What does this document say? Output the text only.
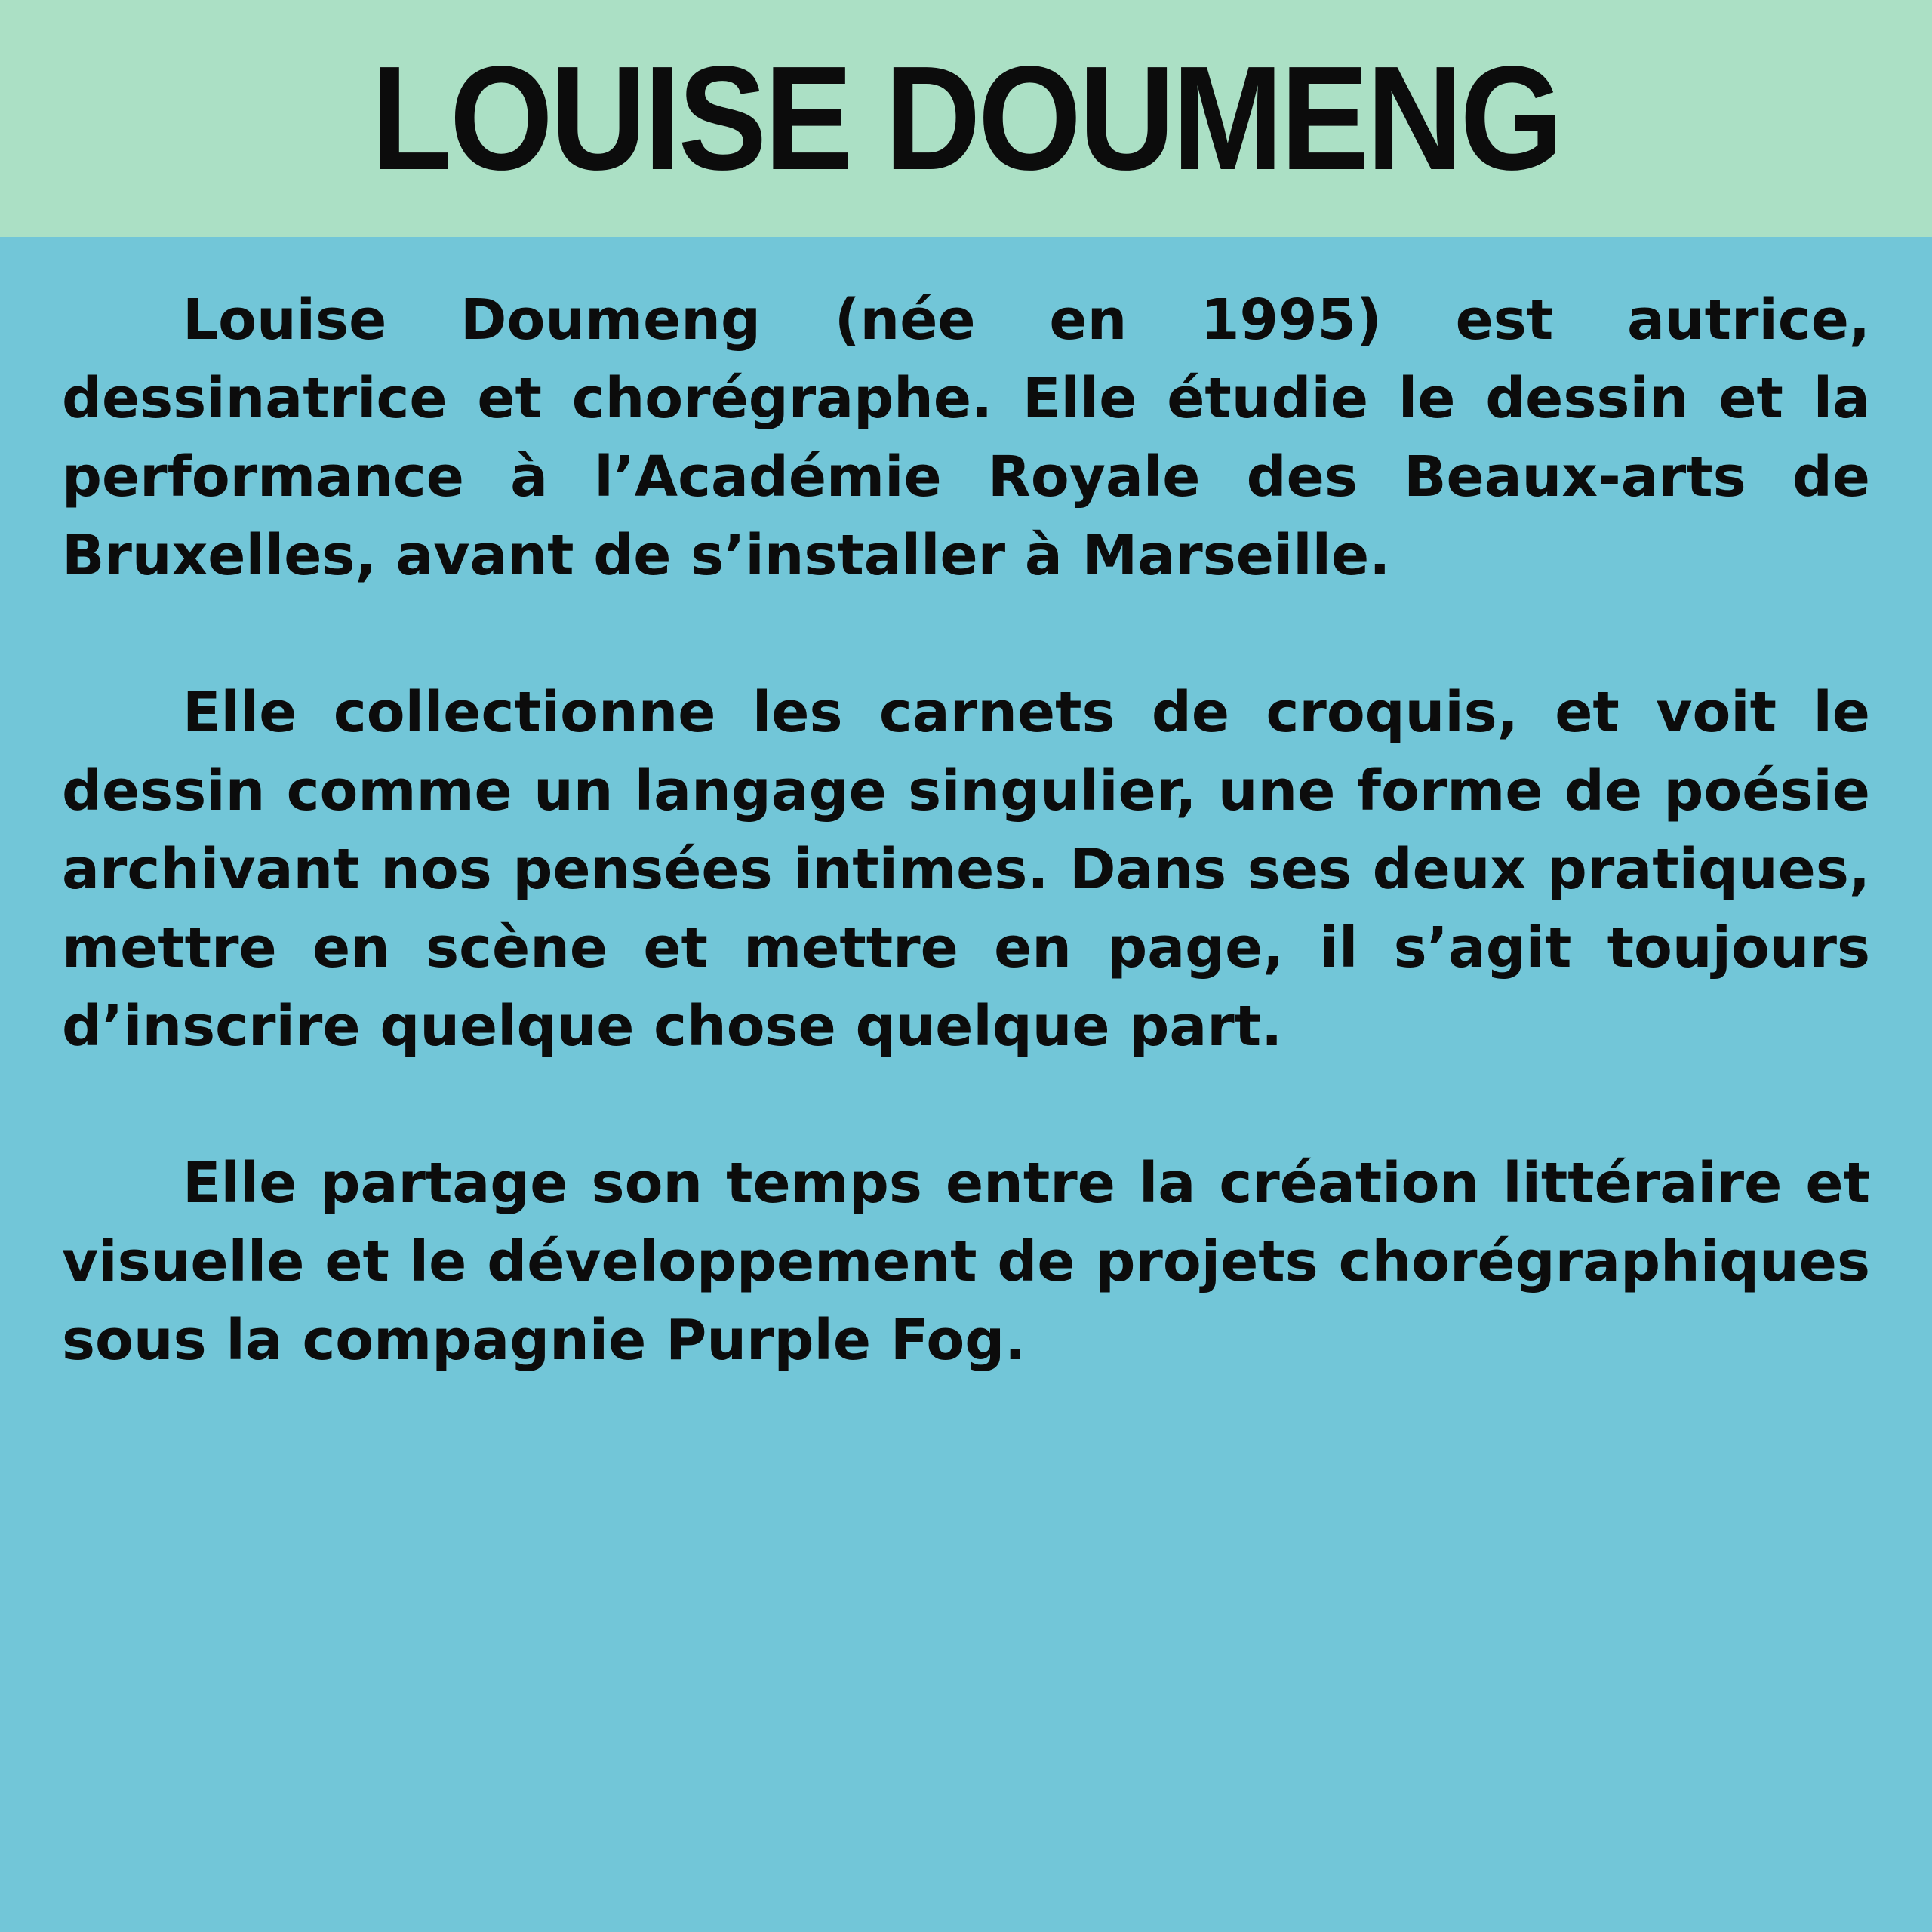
LOUISE DOUMENG

Louise Doumeng (née en 1995) est autrice, dessinatrice et chorégraphe. Elle étudie le dessin et la performance à l’Académie Royale des Beaux-arts de Bruxelles, avant de s’installer à Marseille.

Elle collectionne les carnets de croquis, et voit le dessin comme un langage singulier, une forme de poésie archivant nos pensées intimes. Dans ses deux pratiques, mettre en scène et mettre en page, il s’agit toujours d’inscrire quelque chose quelque part.

Elle partage son temps entre la création littéraire et visuelle et le développement de projets chorégraphiques sous la compagnie Purple Fog.
